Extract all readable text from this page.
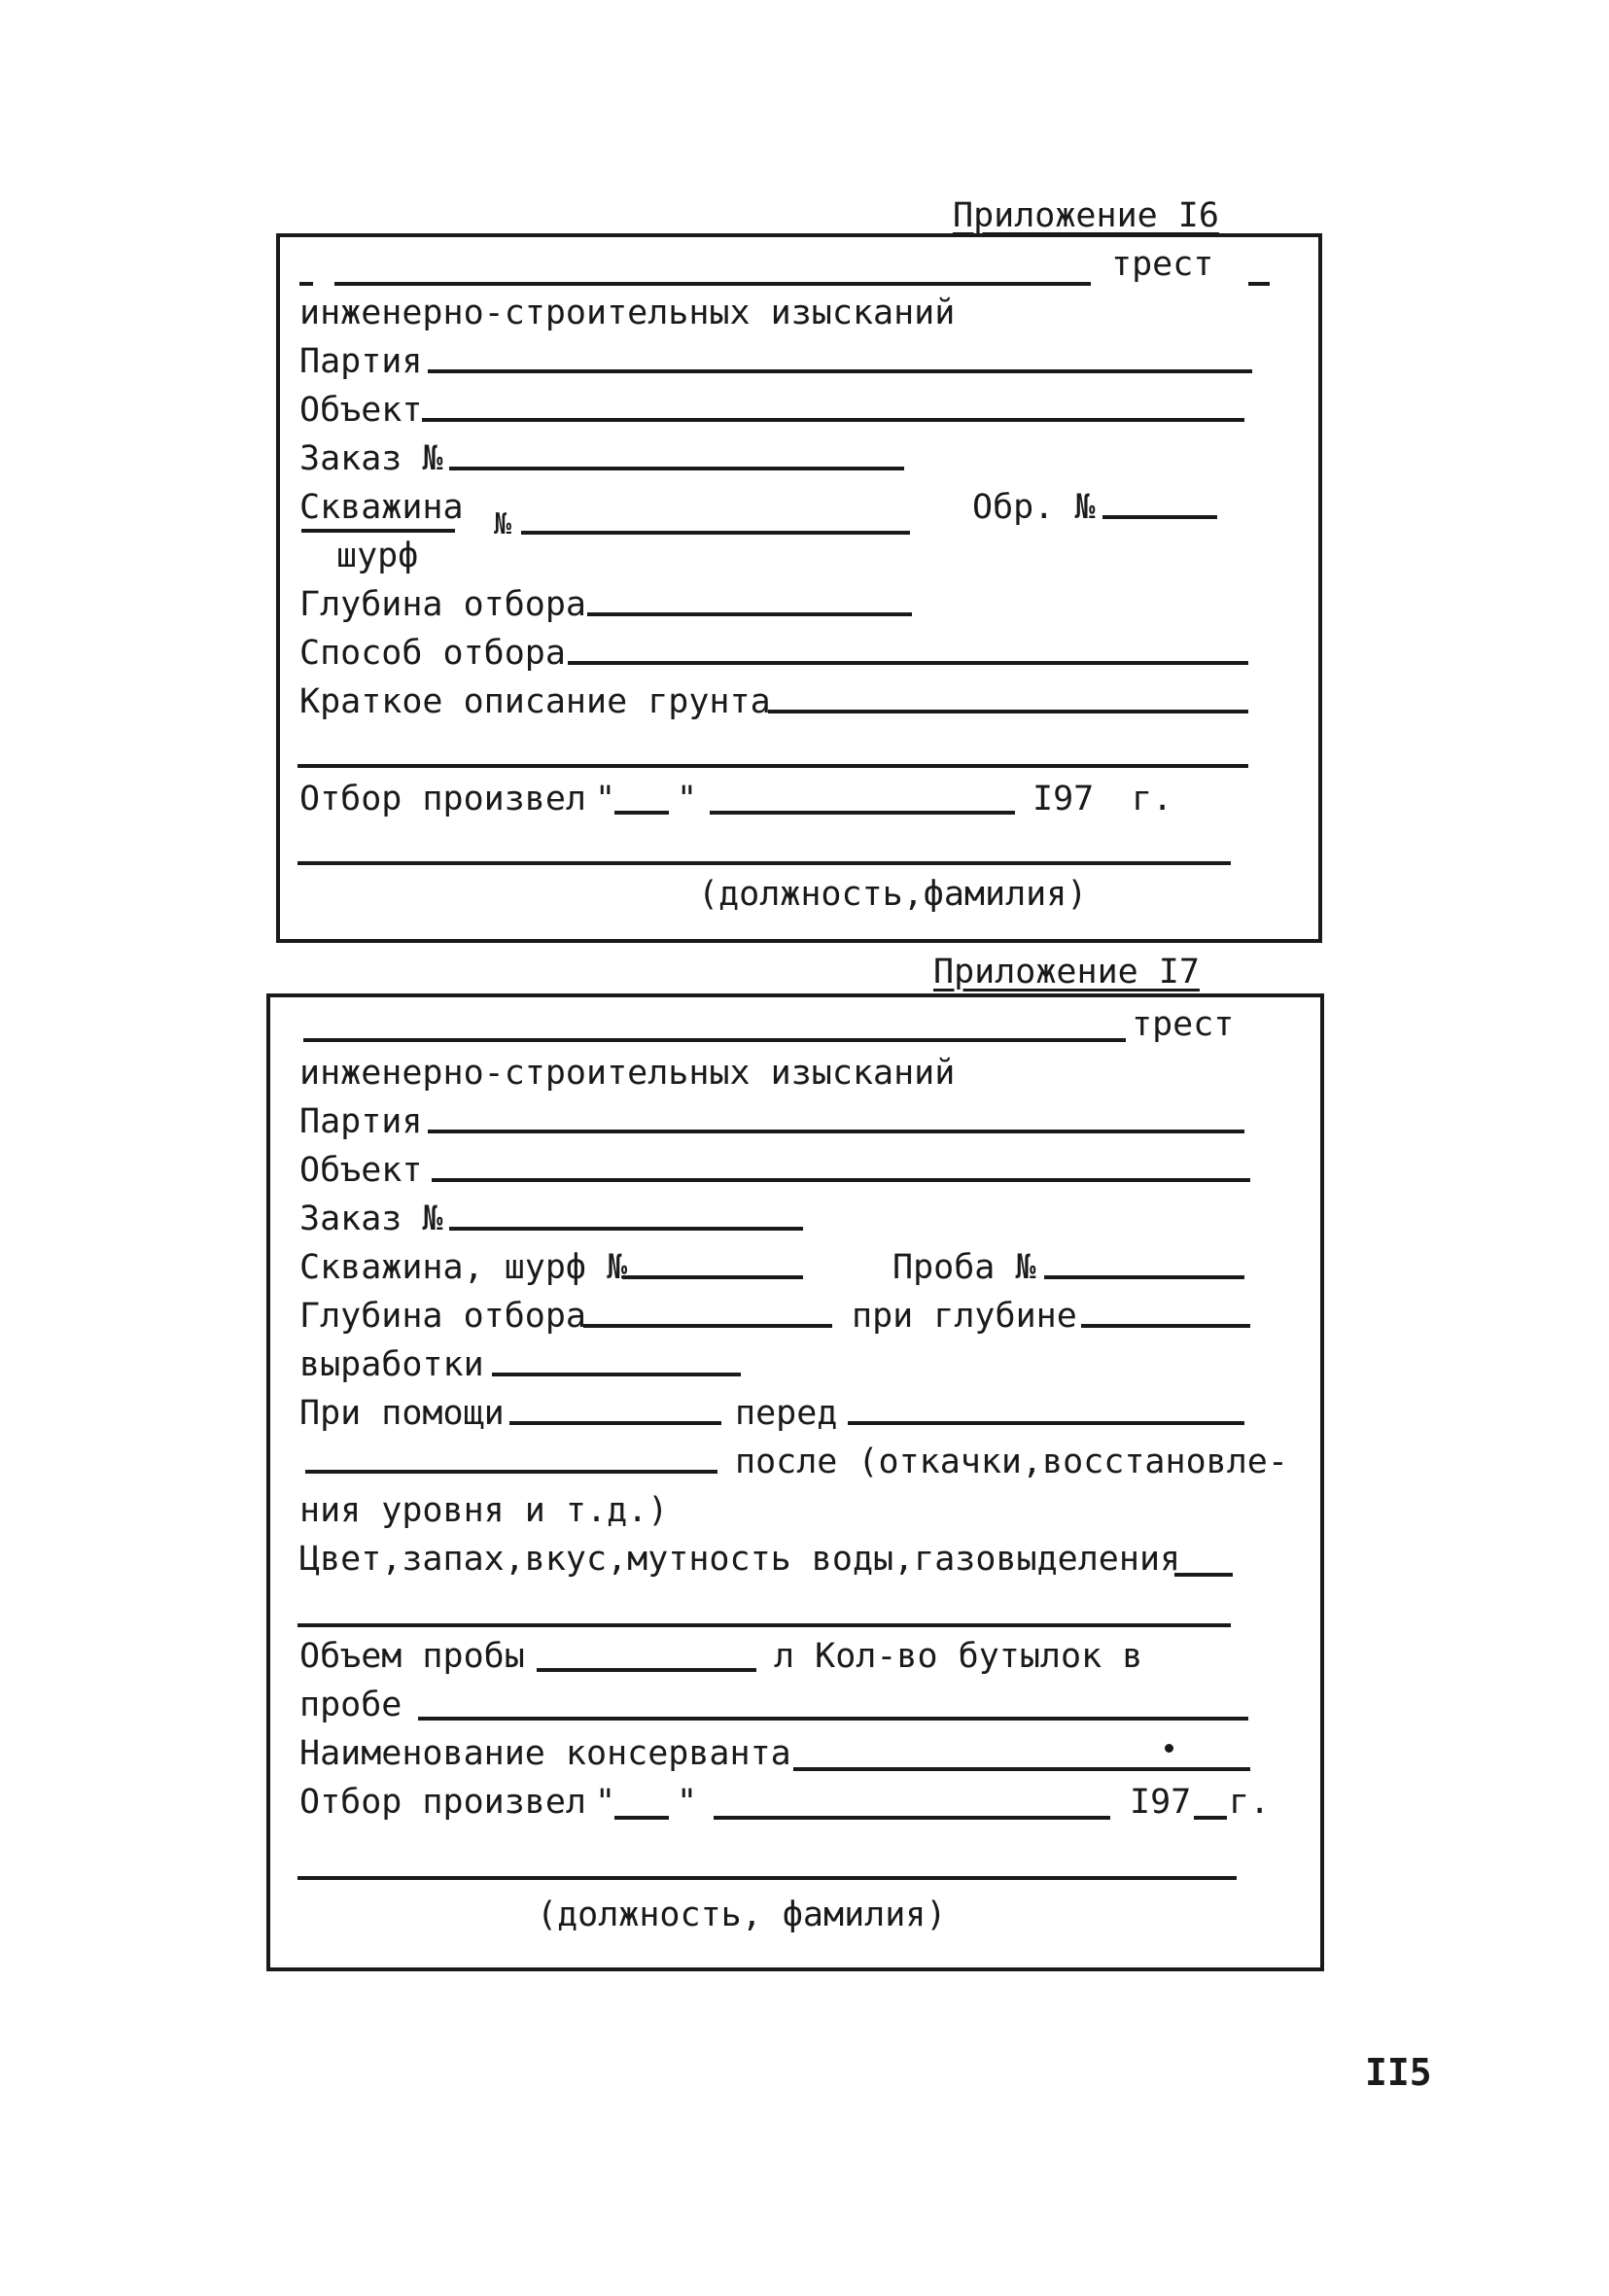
Приложение I6
трест
инженерно-строительных изысканий
Партия
Объект
Заказ №
Скважина
шурф
№	Обр. №
Глубина отбора
Способ отбора
Краткое описание грунта
Отбор произвел " "	I97 г.
(должность,фамилия)
Приложение I7
трест
инженерно-строительных изысканий
Партия
Объект
Заказ №
Скважина, шурф №	Проба №
Глубина отбора	при глубине
выработки
При помощи	перед
после (откачки,восстановле-
ния уровня и т.д.)
Цвет,запах,вкус,мутность воды,газовыделения
Объем пробы	л Кол-во бутылок в
пробе
Наименование консерванта
Отбор произвел " "	I97 г.
(должность, фамилия)
II5
